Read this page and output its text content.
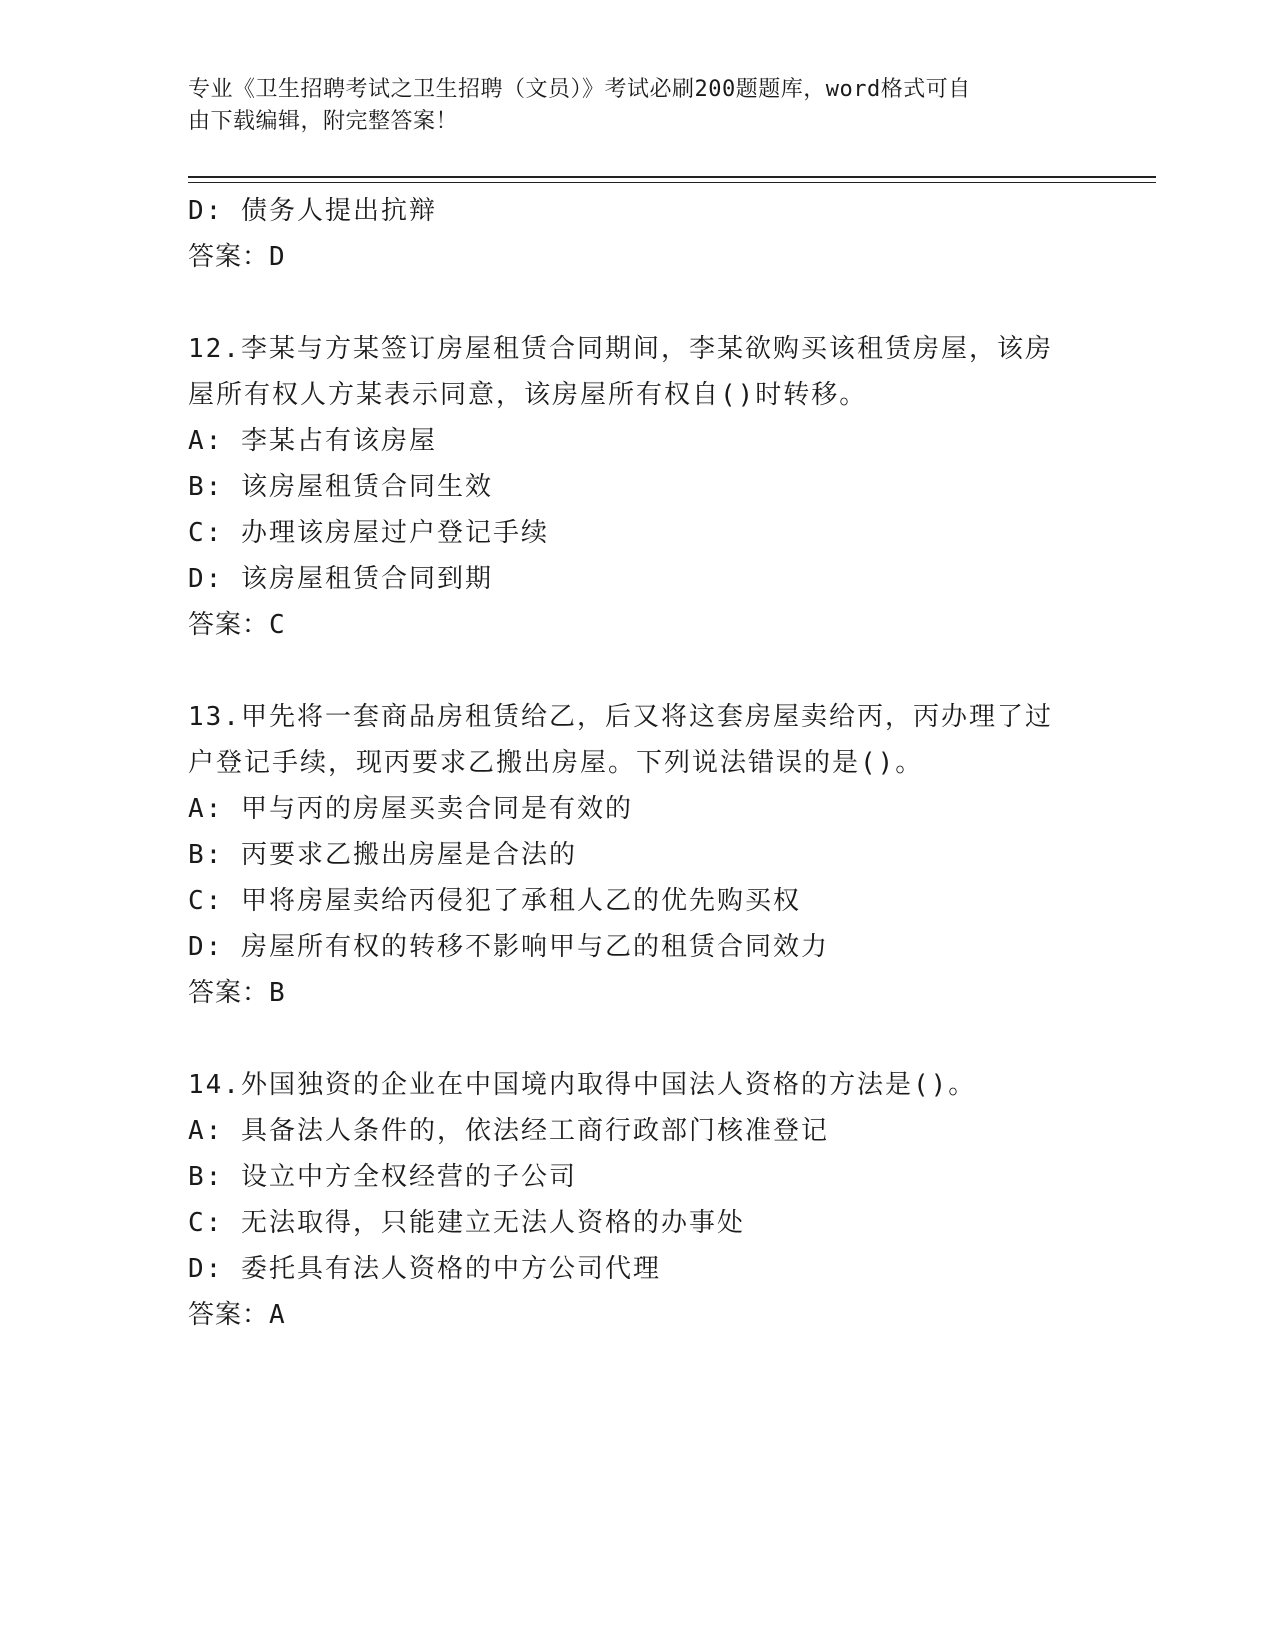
专业《卫生招聘考试之卫生招聘（文员）》考试必刷200题题库，word格式可自
由下载编辑，附完整答案！
D: 债务人提出抗辩
答案：D
12.李某与方某签订房屋租赁合同期间，李某欲购买该租赁房屋，该房
屋所有权人方某表示同意，该房屋所有权自()时转移。
A: 李某占有该房屋
B: 该房屋租赁合同生效
C: 办理该房屋过户登记手续
D: 该房屋租赁合同到期
答案：C
13.甲先将一套商品房租赁给乙，后又将这套房屋卖给丙，丙办理了过
户登记手续，现丙要求乙搬出房屋。下列说法错误的是()。
A: 甲与丙的房屋买卖合同是有效的
B: 丙要求乙搬出房屋是合法的
C: 甲将房屋卖给丙侵犯了承租人乙的优先购买权
D: 房屋所有权的转移不影响甲与乙的租赁合同效力
答案：B
14.外国独资的企业在中国境内取得中国法人资格的方法是()。
A: 具备法人条件的，依法经工商行政部门核准登记
B: 设立中方全权经营的子公司
C: 无法取得，只能建立无法人资格的办事处
D: 委托具有法人资格的中方公司代理
答案：A
